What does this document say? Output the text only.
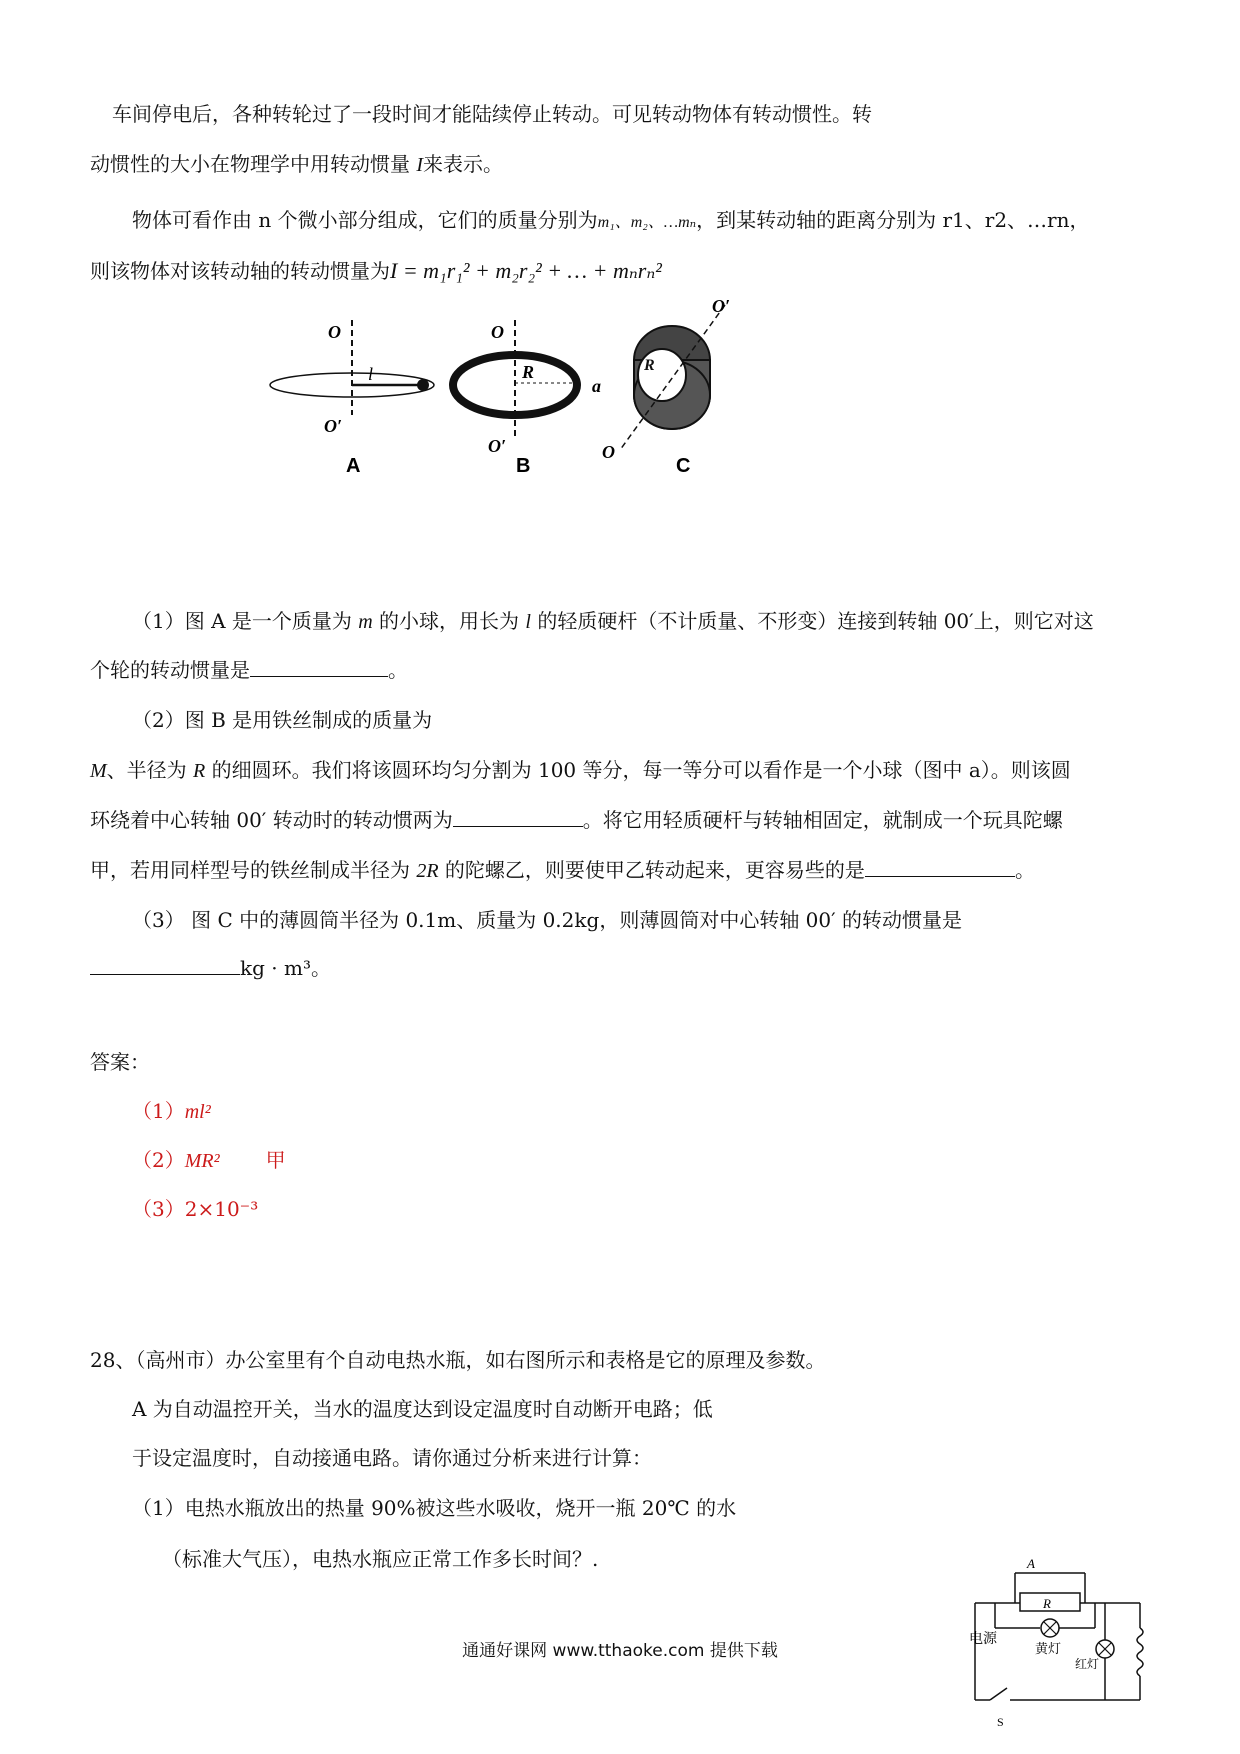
车间停电后，各种转轮过了一段时间才能陆续停止转动。可见转动物体有转动惯性。转
动惯性的大小在物理学中用转动惯量 I来表示。
物体可看作由 n 个微小部分组成，它们的质量分别为m₁、m₂、…mₙ，到某转动轴的距离分别为 r1、r2、…rn，
则该物体对该转动轴的转动惯量为I = m₁r₁² + m₂r₂² + … + mₙrₙ²
O
O′
l
O
O′
R
a
O′
O
R
A	B	C
（1）图 A 是一个质量为 m 的小球，用长为 l 的轻质硬杆（不计质量、不形变）连接到转轴 00′上，则它对这
个轮的转动惯量是	。
（2）图 B 是用铁丝制成的质量为
M、半径为 R 的细圆环。我们将该圆环均匀分割为 100 等分，每一等分可以看作是一个小球（图中 a）。则该圆
环绕着中心转轴 00′ 转动时的转动惯两为	。将它用轻质硬杆与转轴相固定，就制成一个玩具陀螺
甲，若用同样型号的铁丝制成半径为 2R 的陀螺乙，则要使甲乙转动起来，更容易些的是	。
（3） 图 C 中的薄圆筒半径为 0.1m、质量为 0.2kg，则薄圆筒对中心转轴 00′ 的转动惯量是
kg · m³。
答案：
（1）ml²
（2）MR² 甲
（3）2×10⁻³
28、（高州市）办公室里有个自动电热水瓶，如右图所示和表格是它的原理及参数。
A 为自动温控开关，当水的温度达到设定温度时自动断开电路；低
于设定温度时，自动接通电路。请你通过分析来进行计算：
（1）电热水瓶放出的热量 90%被这些水吸收，烧开一瓶 20℃ 的水
（标准大气压），电热水瓶应正常工作多长时间？.	A
R
电源
黄灯
红灯
S
通通好课网 www.tthaoke.com 提供下载
